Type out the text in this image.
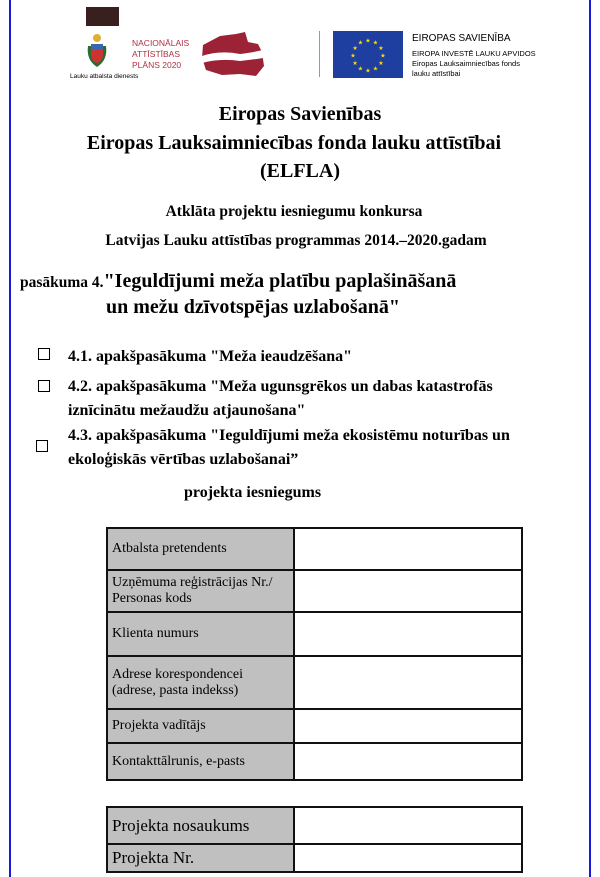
Lauku atbalsta dienests
NACIONĀLAIS
ATTĪSTĪBAS
PLĀNS 2020
★
★
★
★
★
★
★
★
★ ★ ★
★
EIROPAS SAVIENĪBA
EIROPA INVESTĒ LAUKU APVIDOS
Eiropas Lauksaimniecības fonds
lauku attīstībai
Eiropas Savienības
Eiropas Lauksaimniecības fonda lauku attīstībai
(ELFLA)
Atklāta projektu iesniegumu konkursa
Latvijas Lauku attīstības programmas 2014.–2020.gadam
pasākuma 4."Ieguldījumi meža platību paplašināšanā
un mežu dzīvotspējas uzlabošanā"
4.1. apakšpasākuma "Meža ieaudzēšana"
4.2. apakšpasākuma "Meža ugunsgrēkos un dabas katastrofās
iznīcinātu mežaudžu atjaunošana"
4.3. apakšpasākuma "Ieguldījumi meža ekosistēmu noturības un
ekoloģiskās vērtības uzlabošanai”
projekta iesniegums
Atbalsta pretendents	
Uzņēmuma reģistrācijas Nr./ Personas kods	
Klienta numurs	
Adrese korespondencei (adrese, pasta indekss)	
Projekta vadītājs	
Kontakttālrunis, e-pasts	
Projekta nosaukums	
Projekta Nr.	
